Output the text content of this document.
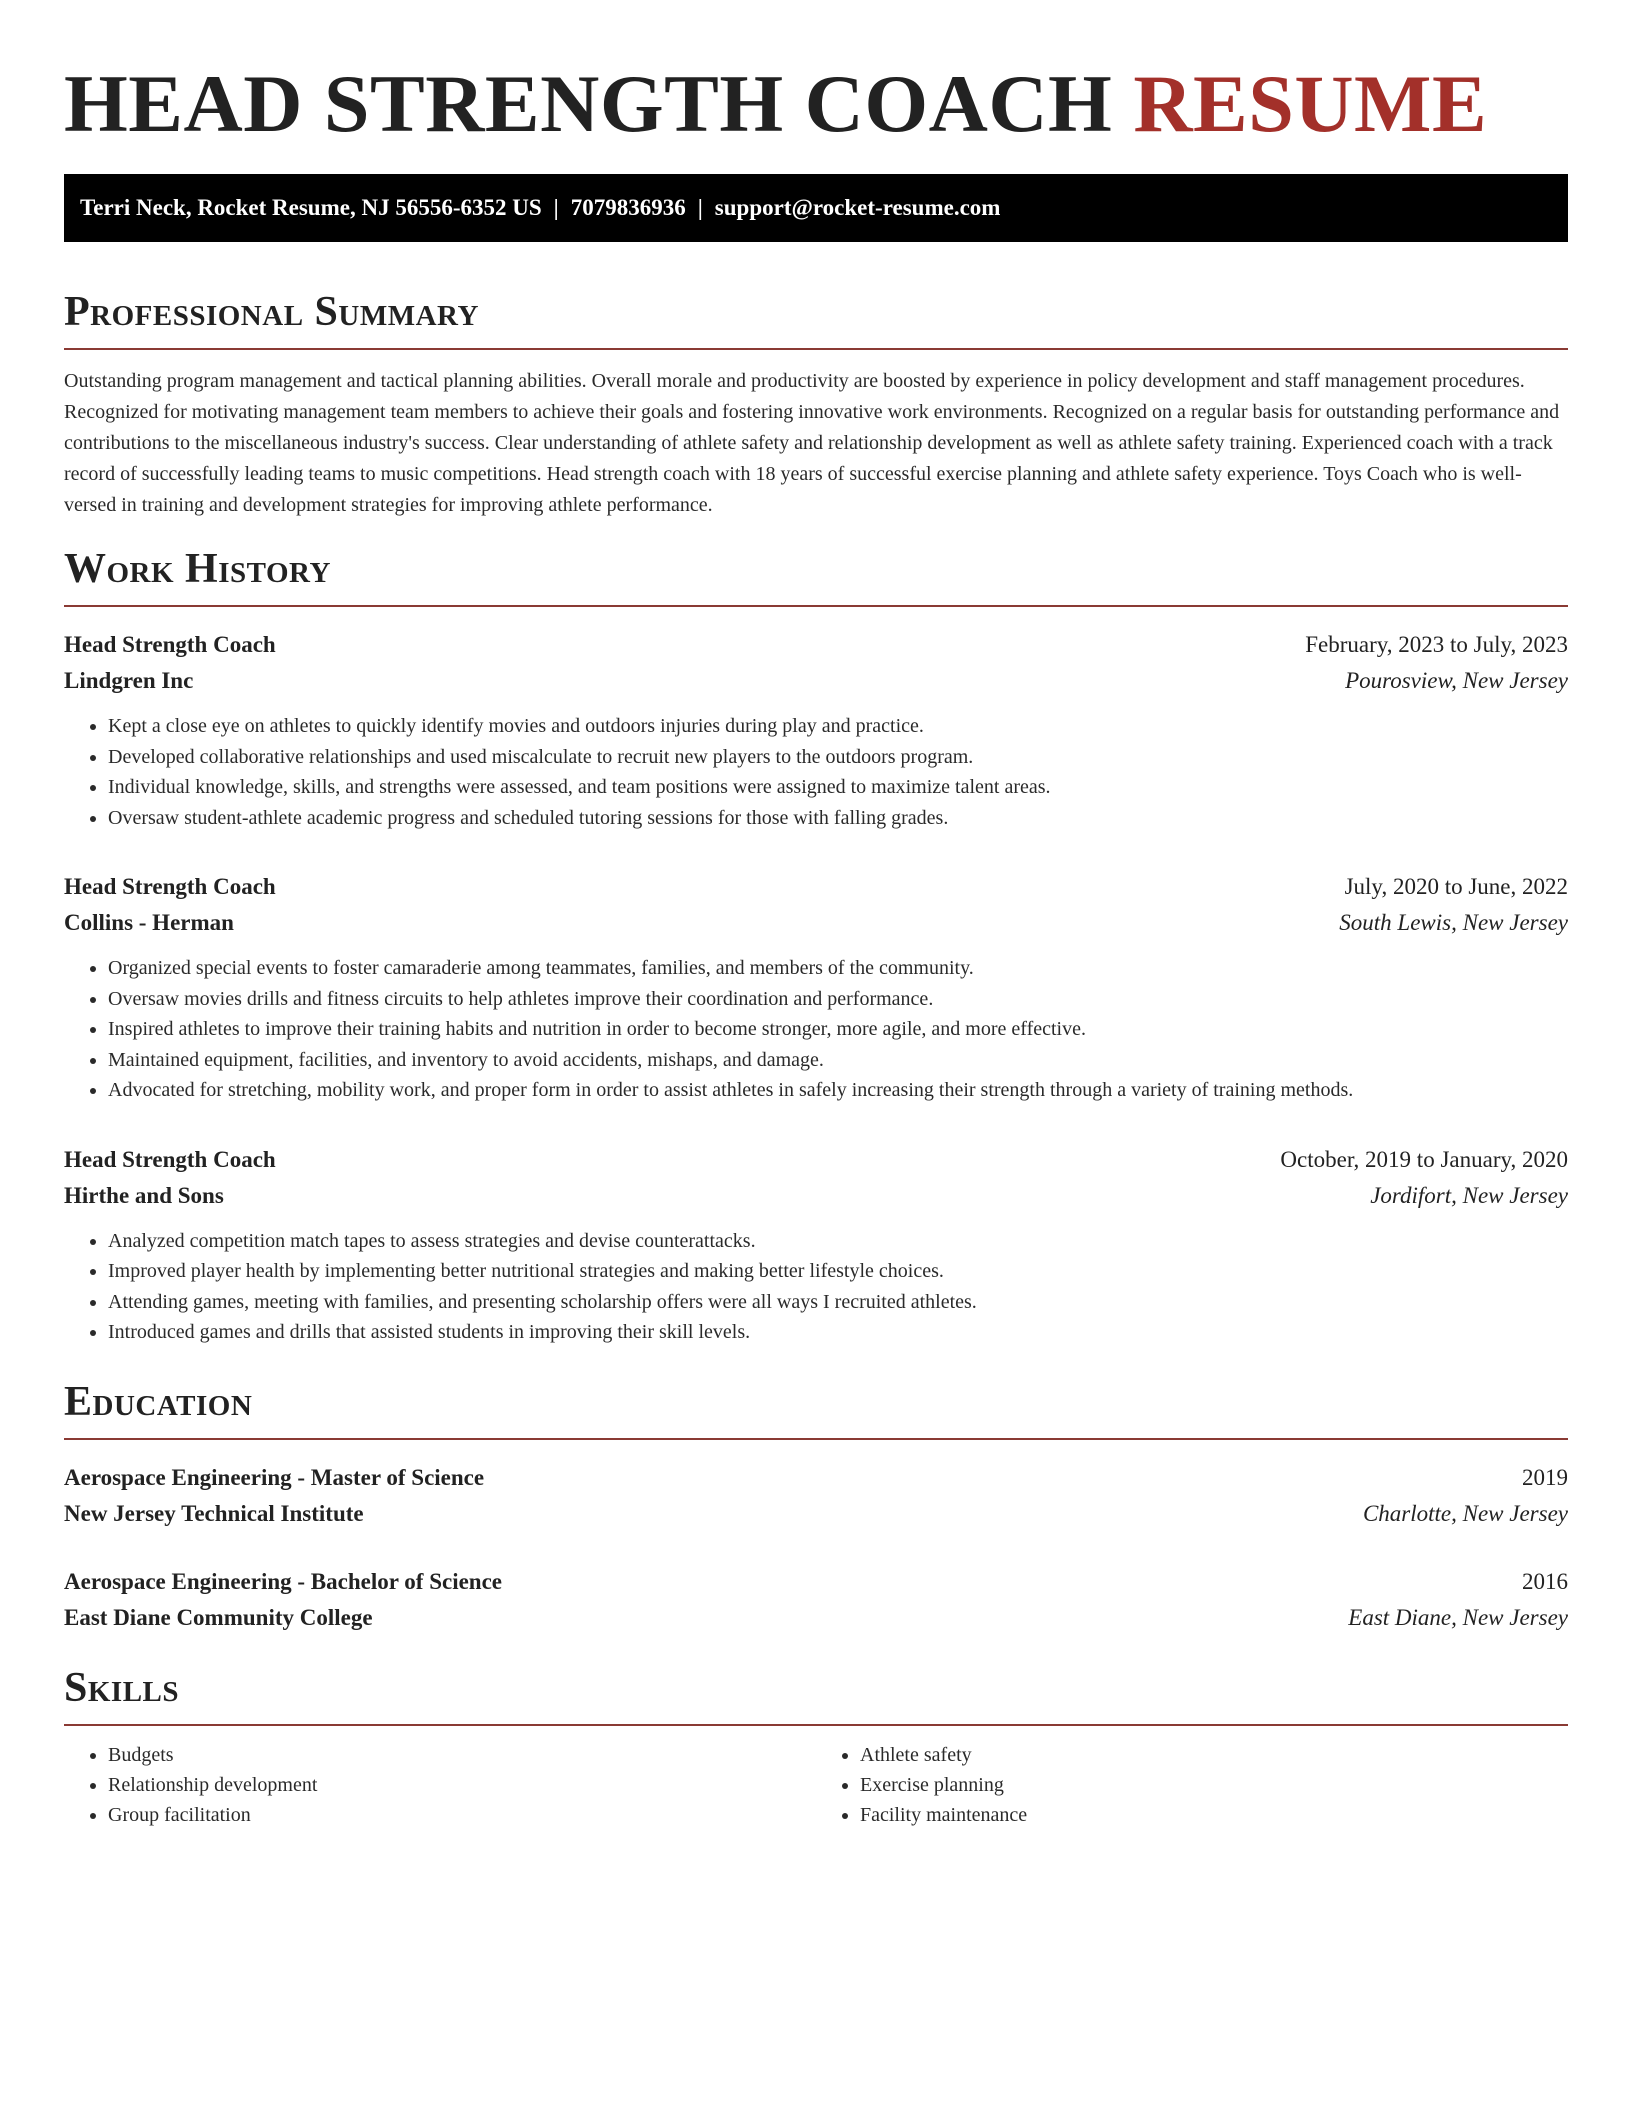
HEAD STRENGTH COACH RESUME
Terri Neck, Rocket Resume, NJ 56556-6352 US | 7079836936 | support@rocket-resume.com
Professional Summary

Outstanding program management and tactical planning abilities. Overall morale and productivity are boosted by experience in policy development and staff management procedures. Recognized for motivating management team members to achieve their goals and fostering innovative work environments. Recognized on a regular basis for outstanding performance and contributions to the miscellaneous industry's success. Clear understanding of athlete safety and relationship development as well as athlete safety training. Experienced coach with a track record of successfully leading teams to music competitions. Head strength coach with 18 years of successful exercise planning and athlete safety experience. Toys Coach who is well-versed in training and development strategies for improving athlete performance.

Work History
Head Strength Coach	February, 2023 to July, 2023
Lindgren Inc	Pourosview, New Jersey
• Kept a close eye on athletes to quickly identify movies and outdoors injuries during play and practice.
• Developed collaborative relationships and used miscalculate to recruit new players to the outdoors program.
• Individual knowledge, skills, and strengths were assessed, and team positions were assigned to maximize talent areas.
• Oversaw student-athlete academic progress and scheduled tutoring sessions for those with falling grades.
Head Strength Coach	July, 2020 to June, 2022
Collins - Herman	South Lewis, New Jersey
• Organized special events to foster camaraderie among teammates, families, and members of the community.
• Oversaw movies drills and fitness circuits to help athletes improve their coordination and performance.
• Inspired athletes to improve their training habits and nutrition in order to become stronger, more agile, and more effective.
• Maintained equipment, facilities, and inventory to avoid accidents, mishaps, and damage.
• Advocated for stretching, mobility work, and proper form in order to assist athletes in safely increasing their strength through a variety of training methods.
Head Strength Coach	October, 2019 to January, 2020
Hirthe and Sons	Jordifort, New Jersey
• Analyzed competition match tapes to assess strategies and devise counterattacks.
• Improved player health by implementing better nutritional strategies and making better lifestyle choices.
• Attending games, meeting with families, and presenting scholarship offers were all ways I recruited athletes.
• Introduced games and drills that assisted students in improving their skill levels.
Education
Aerospace Engineering - Master of Science	2019
New Jersey Technical Institute	Charlotte, New Jersey
Aerospace Engineering - Bachelor of Science	2016
East Diane Community College	East Diane, New Jersey
Skills
• Budgets
• Relationship development
• Group facilitation
• Athlete safety
• Exercise planning
• Facility maintenance
